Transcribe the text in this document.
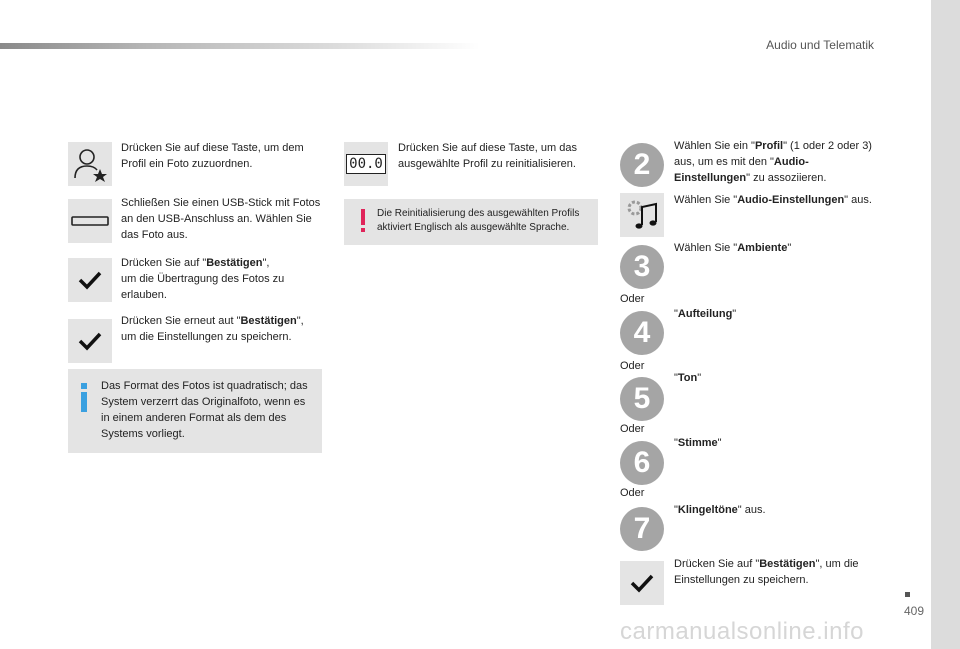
Audio und Telematik
Drücken Sie auf diese Taste, um dem Profil ein Foto zuzuordnen.
Schließen Sie einen USB-Stick mit Fotos an den USB-Anschluss an. Wählen Sie das Foto aus.
Drücken Sie auf "Bestätigen",
um die Übertragung des Fotos zu erlauben.
Drücken Sie erneut aut "Bestätigen",
um die Einstellungen zu speichern.
Das Format des Fotos ist quadratisch; das System verzerrt das Originalfoto, wenn es in einem anderen Format als dem des Systems vorliegt.
00.0
Drücken Sie auf diese Taste, um das ausgewählte Profil zu reinitialisieren.
Die Reinitialisierung des ausgewählten Profils aktiviert Englisch als ausgewählte Sprache.
2
Wählen Sie ein "Profil" (1 oder 2 oder 3) aus, um es mit den "Audio-Einstellungen" zu assoziieren.
Wählen Sie "Audio-Einstellungen" aus.
3
Wählen Sie "Ambiente"
Oder
4
"Aufteilung"
Oder
5
"Ton"
Oder
6
"Stimme"
Oder
7
"Klingeltöne" aus.
Drücken Sie auf "Bestätigen", um die Einstellungen zu speichern.
409
carmanualsonline.info
